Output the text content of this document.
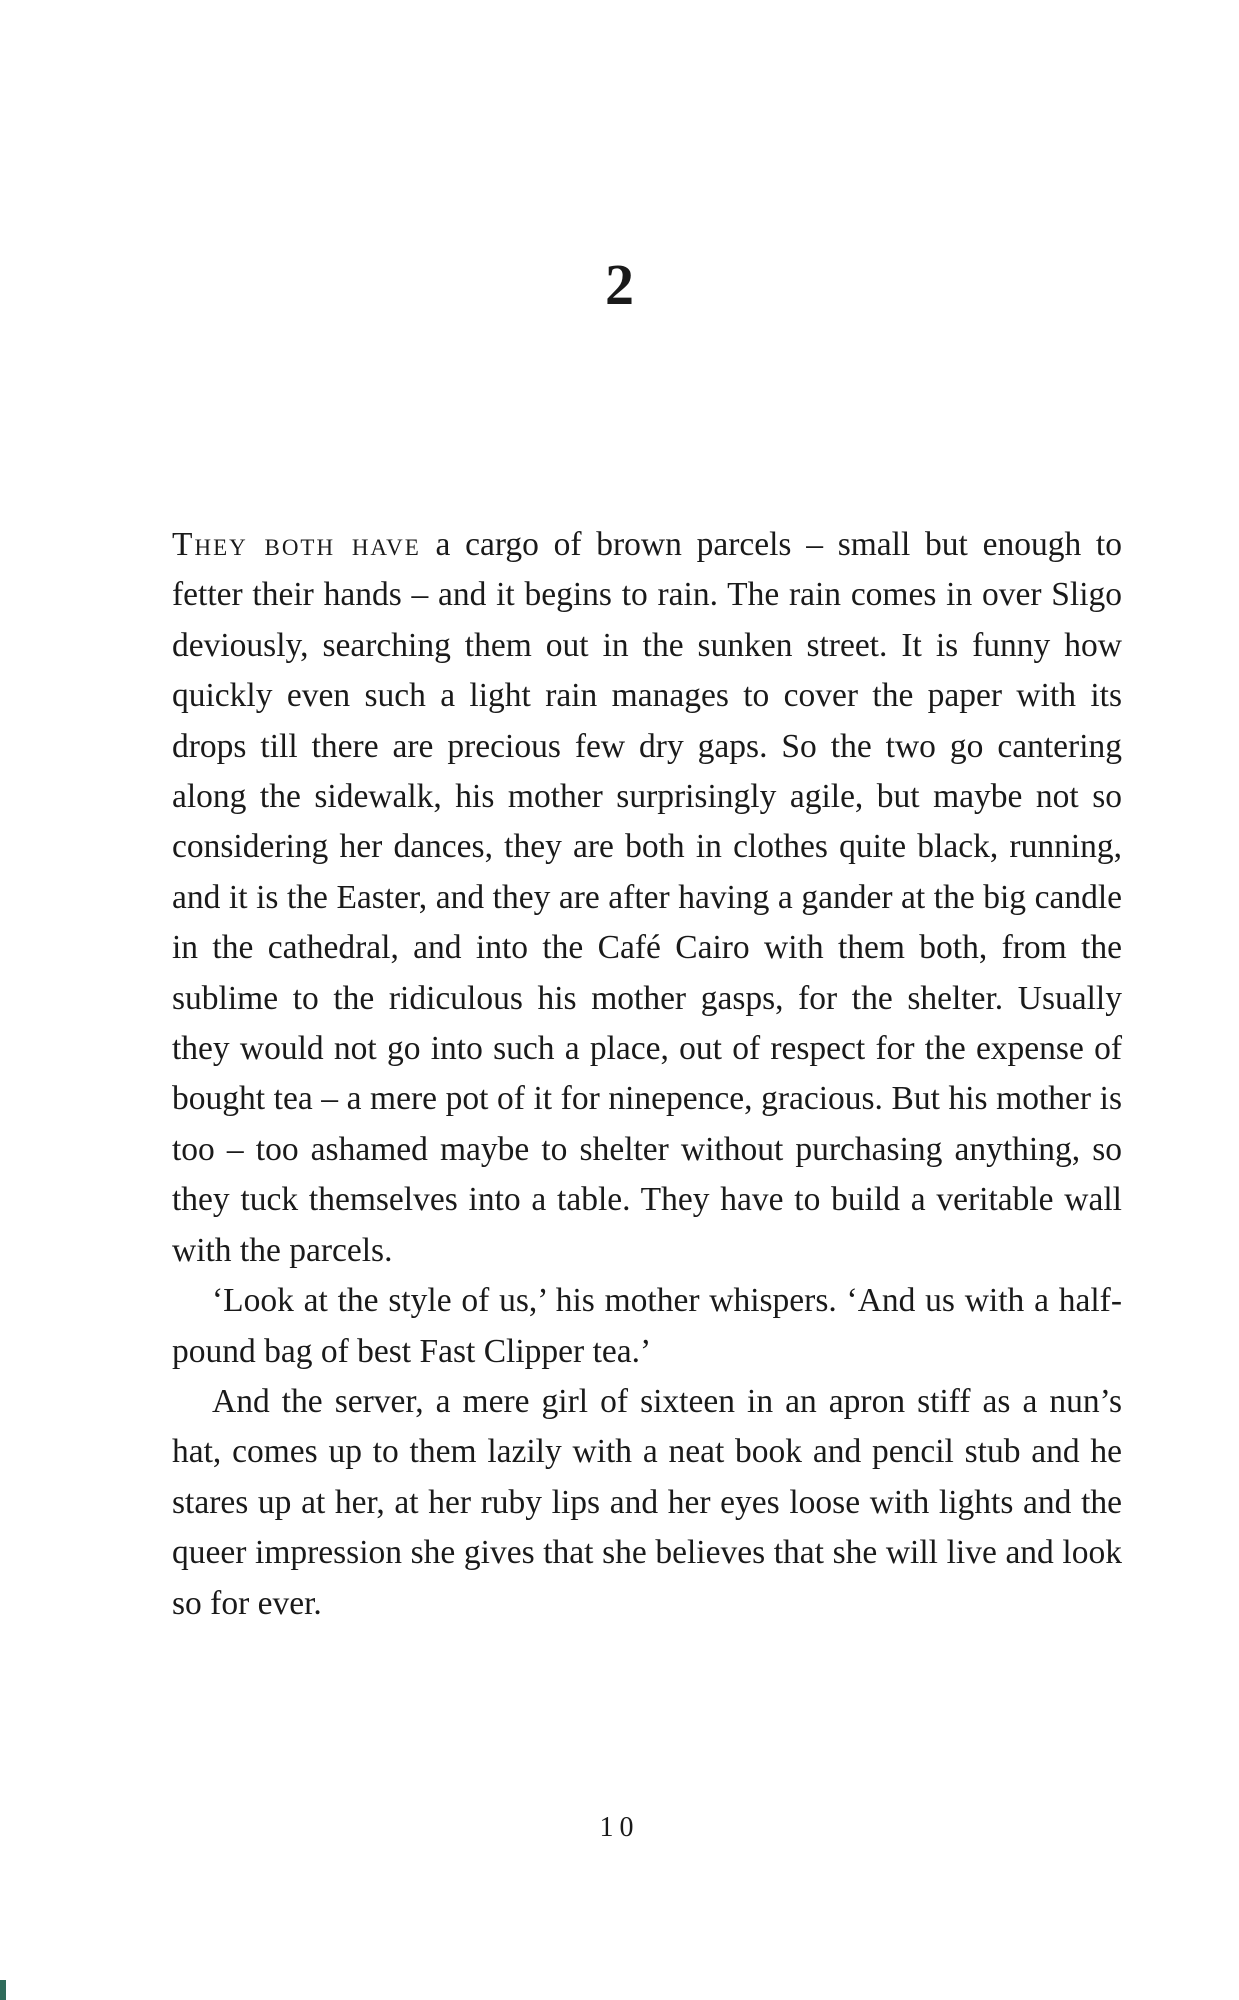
2

They both have a cargo of brown parcels – small but enough to fetter their hands – and it begins to rain. The rain comes in over Sligo deviously, searching them out in the sunken street. It is funny how quickly even such a light rain manages to cover the paper with its drops till there are precious few dry gaps. So the two go cantering along the sidewalk, his mother surprisingly agile, but maybe not so considering her dances, they are both in clothes quite black, running, and it is the Easter, and they are after having a gander at the big candle in the cathedral, and into the Café Cairo with them both, from the sublime to the ridiculous his mother gasps, for the shelter. Usually they would not go into such a place, out of respect for the expense of bought tea – a mere pot of it for ninepence, gracious. But his mother is too – too ashamed maybe to shelter without purchasing anything, so they tuck themselves into a table. They have to build a veritable wall with the parcels.

‘Look at the style of us,’ his mother whispers. ‘And us with a half-pound bag of best Fast Clipper tea.’

And the server, a mere girl of sixteen in an apron stiff as a nun’s hat, comes up to them lazily with a neat book and pencil stub and he stares up at her, at her ruby lips and her eyes loose with lights and the queer impression she gives that she believes that she will live and look so for ever.

10
